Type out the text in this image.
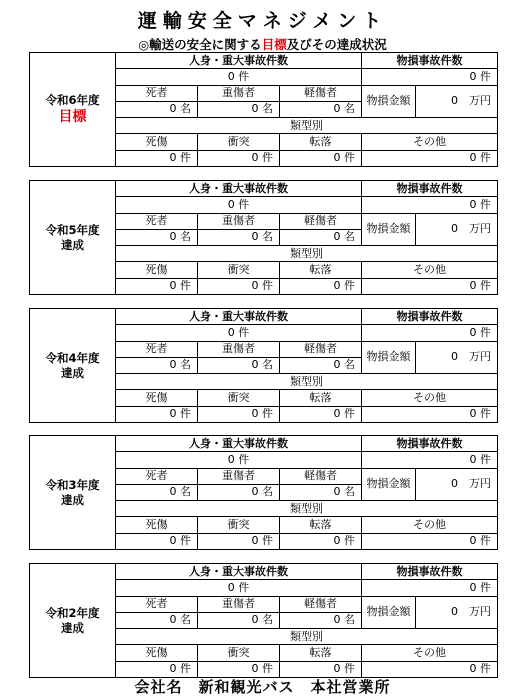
運輸安全マネジメント
◎輸送の安全に関する目標及びその達成状況
令和6年度
目標	人身・重大事故件数			物損事故件数	
	0 件			0 件	
	死者	重傷者	軽傷者	物損金額	0　 万円
	0 名	0 名	0 名		
	類型別				
	死傷	衝突	転落	その他	
	0 件	0 件	0 件	0 件	
令和5年度
達成	人身・重大事故件数			物損事故件数	
	0 件			0 件	
	死者	重傷者	軽傷者	物損金額	0　 万円
	0 名	0 名	0 名		
	類型別				
	死傷	衝突	転落	その他	
	0 件	0 件	0 件	0 件	
令和4年度
達成	人身・重大事故件数			物損事故件数	
	0 件			0 件	
	死者	重傷者	軽傷者	物損金額	0　 万円
	0 名	0 名	0 名		
	類型別				
	死傷	衝突	転落	その他	
	0 件	0 件	0 件	0 件	
令和3年度
達成	人身・重大事故件数			物損事故件数	
	0 件			0 件	
	死者	重傷者	軽傷者	物損金額	0　 万円
	0 名	0 名	0 名		
	類型別				
	死傷	衝突	転落	その他	
	0 件	0 件	0 件	0 件	
令和2年度
達成	人身・重大事故件数			物損事故件数	
	0 件			0 件	
	死者	重傷者	軽傷者	物損金額	0　 万円
	0 名	0 名	0 名		
	類型別				
	死傷	衝突	転落	その他	
	0 件	0 件	0 件	0 件	
会社名　新和観光バス　本社営業所
